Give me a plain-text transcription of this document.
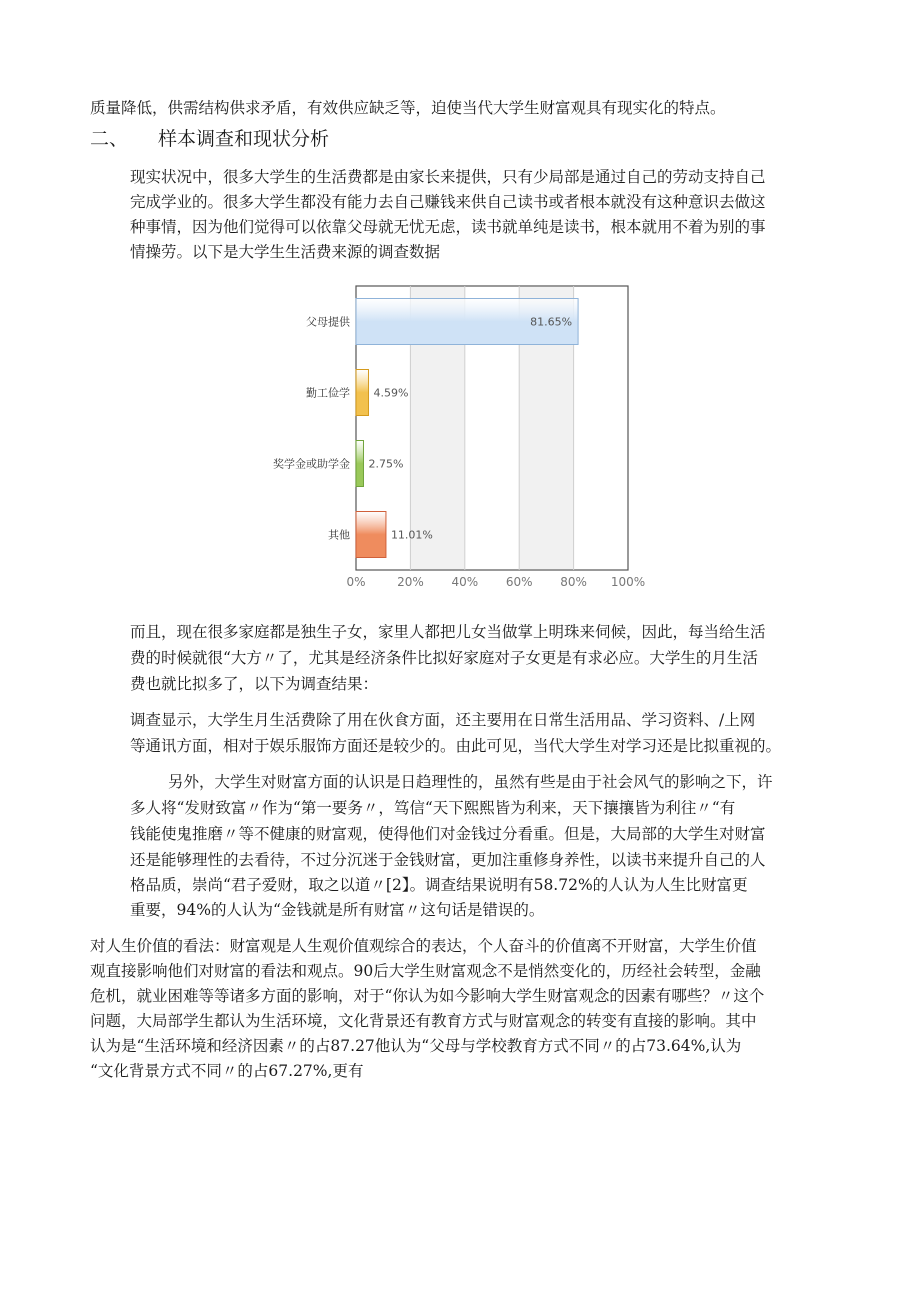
质量降低，供需结构供求矛盾，有效供应缺乏等，迫使当代大学生财富观具有现实化的特点。
二、 样本调查和现状分析
现实状况中，很多大学生的生活费都是由家长来提供，只有少局部是通过自己的劳动支持自己
完成学业的。很多大学生都没有能力去自己赚钱来供自己读书或者根本就没有这种意识去做这
种事情，因为他们觉得可以依靠父母就无忧无虑，读书就单纯是读书，根本就用不着为别的事
情操劳。以下是大学生生活费来源的调查数据
父母提供	81.65%
勤工俭学 4.59%
奖学金或助学金 2.75%
其他	11.01%
0%	20% 40% 60% 80% 100%
而且，现在很多家庭都是独生子女，家里人都把儿女当做掌上明珠来伺候，因此，每当给生活
费的时候就很“大方〃了，尤其是经济条件比拟好家庭对子女更是有求必应。大学生的月生活
费也就比拟多了，以下为调查结果：
调查显示，大学生月生活费除了用在伙食方面，还主要用在日常生活用品、学习资料、/上网
等通讯方面，相对于娱乐服饰方面还是较少的。由此可见，当代大学生对学习还是比拟重视的。
另外，大学生对财富方面的认识是日趋理性的，虽然有些是由于社会风气的影响之下，许
多人将“发财致富〃作为“第一要务〃，笃信“天下熙熙皆为利来，天下攘攘皆为利往〃“有
钱能使鬼推磨〃等不健康的财富观，使得他们对金钱过分看重。但是，大局部的大学生对财富
还是能够理性的去看待，不过分沉迷于金钱财富，更加注重修身养性，以读书来提升自己的人
格品质，崇尚“君子爱财，取之以道〃[2】。调查结果说明有58.72%的人认为人生比财富更
重要，94%的人认为“金钱就是所有财富〃这句话是错误的。
对人生价值的看法：财富观是人生观价值观综合的表达，个人奋斗的价值离不开财富，大学生价值
观直接影响他们对财富的看法和观点。90后大学生财富观念不是悄然变化的，历经社会转型，金融
危机，就业困难等等诸多方面的影响，对于“你认为如今影响大学生财富观念的因素有哪些？〃这个
问题，大局部学生都认为生活环境，文化背景还有教育方式与财富观念的转变有直接的影响。其中
认为是“生活环境和经济因素〃的占87.27他认为“父母与学校教育方式不同〃的占73.64%,认为
“文化背景方式不同〃的占67.27%,更有
